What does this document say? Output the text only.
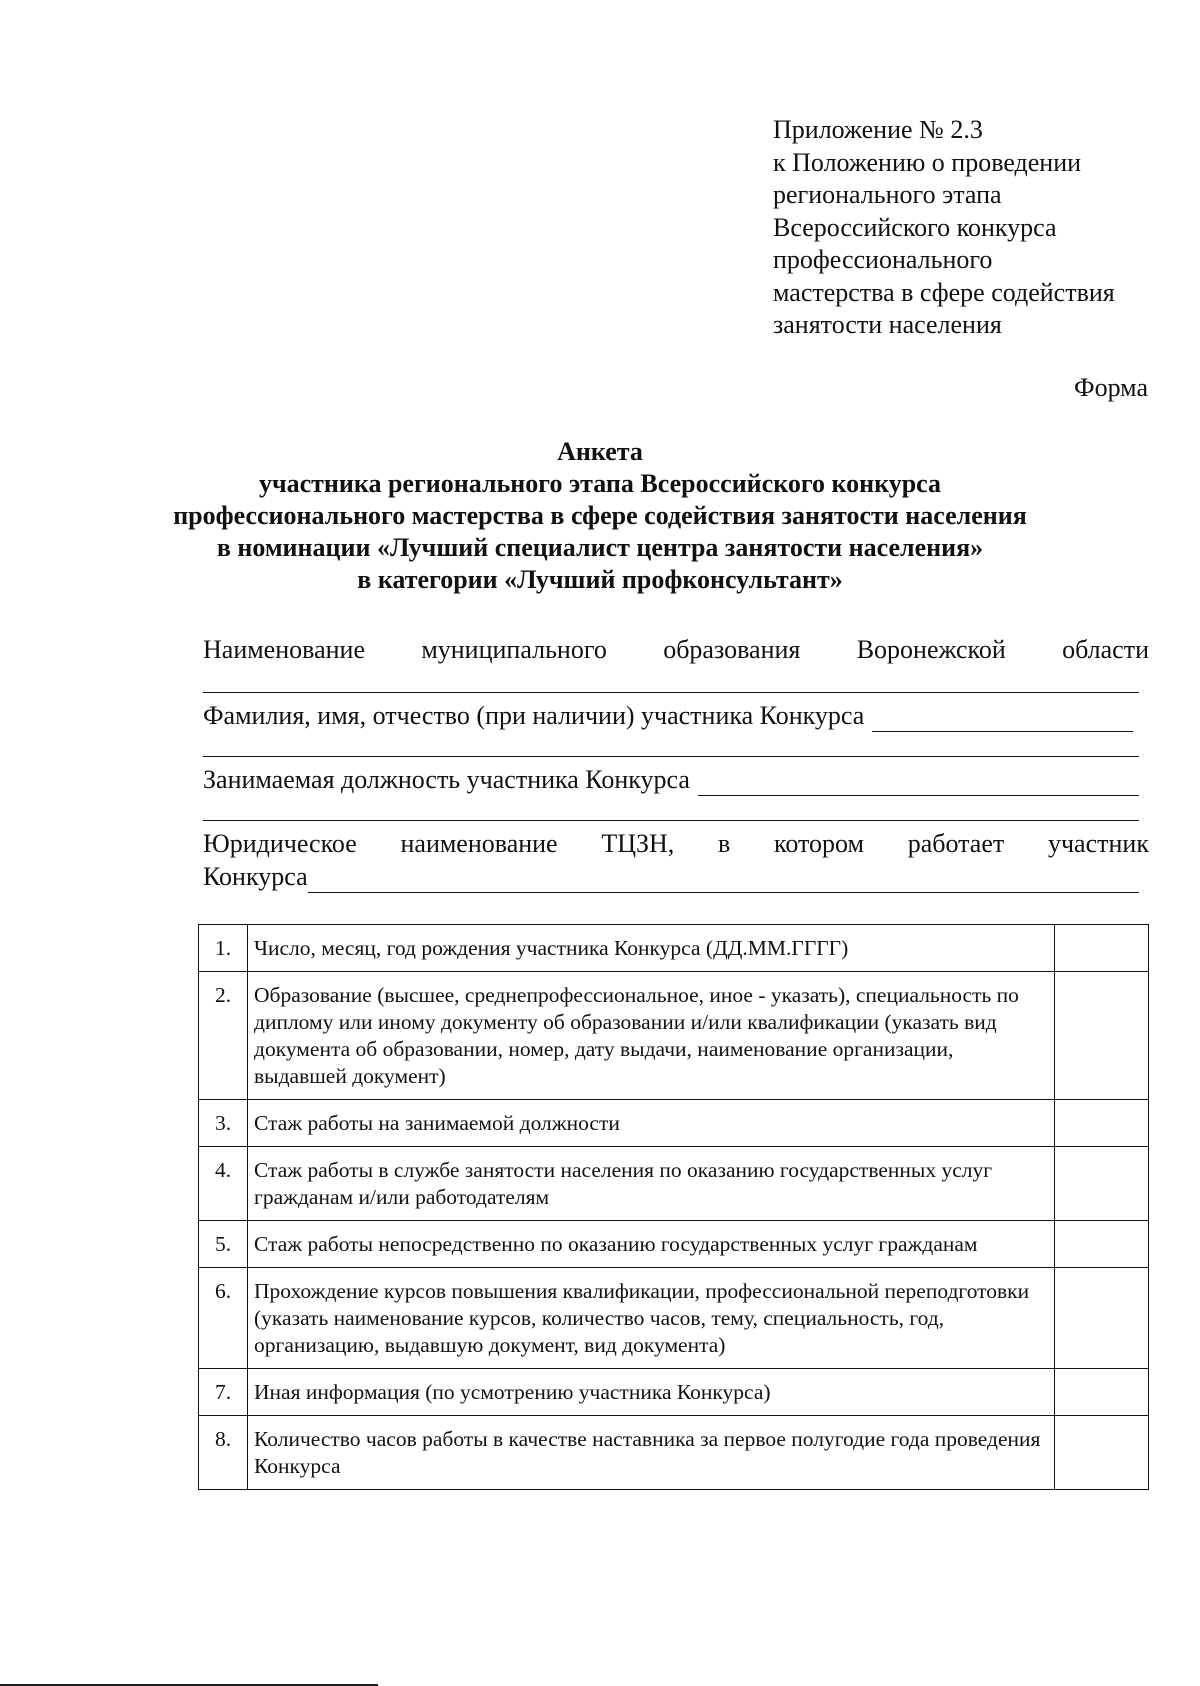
Приложение № 2.3
к Положению о проведении
регионального этапа
Всероссийского конкурса
профессионального
мастерства в сфере содействия
занятости населения
Форма
Анкета
участника регионального этапа Всероссийского конкурса
профессионального мастерства в сфере содействия занятости населения
в номинации «Лучший специалист центра занятости населения»
в категории «Лучший профконсультант»
Наименование муниципального образования Воронежской области
Фамилия, имя, отчество (при наличии) участника Конкурса
Занимаемая должность участника Конкурса
Юридическое наименование ТЦЗН, в котором работает участник
Конкурса
1.	Число, месяц, год рождения участника Конкурса (ДД.ММ.ГГГГ)	
2.	Образование (высшее, среднепрофессиональное, иное - указать), специальность по диплому или иному документу об образовании и/или квалификации (указать вид документа об образовании, номер, дату выдачи, наименование организации, выдавшей документ)	
3.	Стаж работы на занимаемой должности	
4.	Стаж работы в службе занятости населения по оказанию государственных услуг гражданам и/или работодателям	
5.	Стаж работы непосредственно по оказанию государственных услуг гражданам	
6.	Прохождение курсов повышения квалификации, профессиональной переподготовки (указать наименование курсов, количество часов, тему, специальность, год, организацию, выдавшую документ, вид документа)	
7.	Иная информация (по усмотрению участника Конкурса)	
8.	Количество часов работы в качестве наставника за первое полугодие года проведения Конкурса	
